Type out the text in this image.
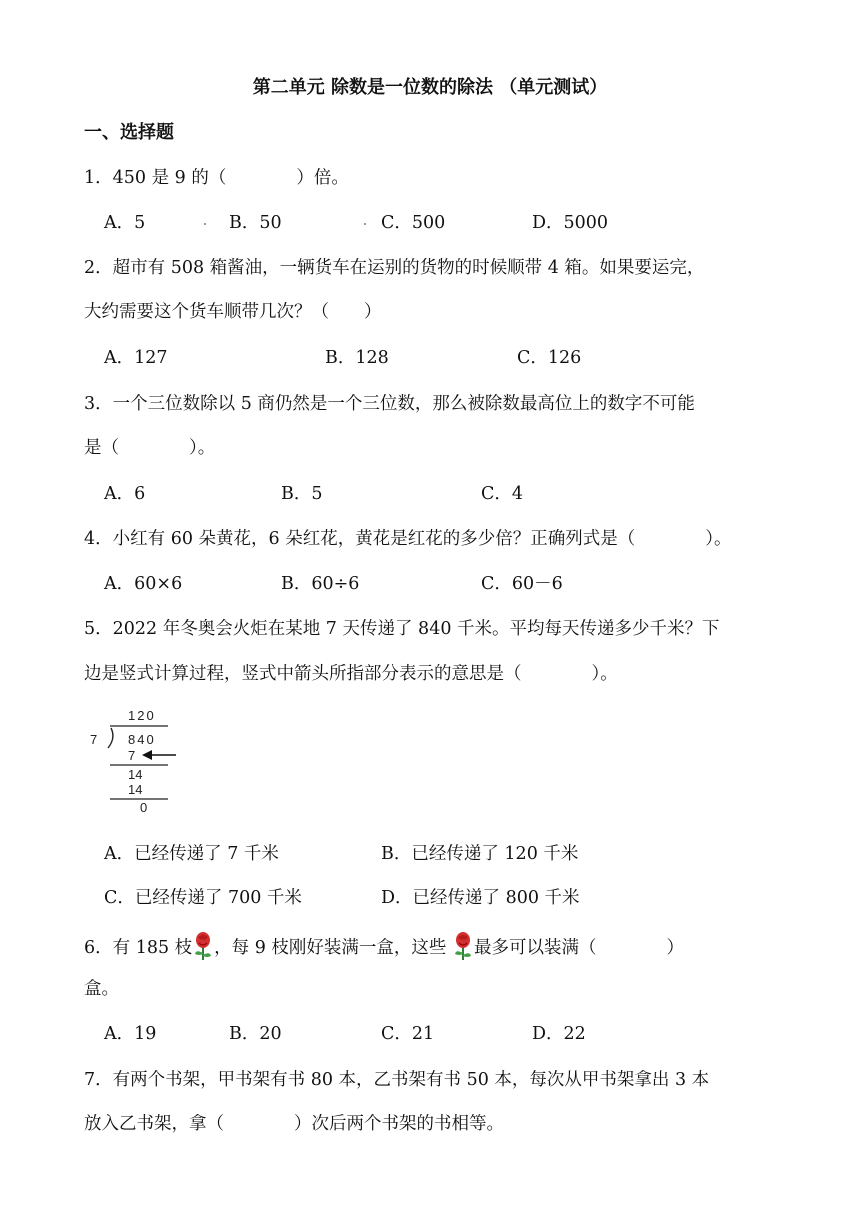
第二单元 除数是一位数的除法 （单元测试）
一、选择题
1．450 是 9 的（　　　　）倍。
A．5	B．50	C．500	D．5000
2．超市有 508 箱酱油，一辆货车在运别的货物的时候顺带 4 箱。如果要运完，
大约需要这个货车顺带几次？（　　）
A．127	B．128	C．126
3．一个三位数除以 5 商仍然是一个三位数，那么被除数最高位上的数字不可能
是（　　　　）。
A．6	B．5	C．4
4．小红有 60 朵黄花，6 朵红花，黄花是红花的多少倍？正确列式是（　　　　）。
A．60×6	B．60÷6	C．60－6
5．2022 年冬奥会火炬在某地 7 天传递了 840 千米。平均每天传递多少千米？下
边是竖式计算过程，竖式中箭头所指部分表示的意思是（　　　　）。
120
7 840
7
14
14
0
A．已经传递了 7 千米	B．已经传递了 120 千米
C．已经传递了 700 千米	D．已经传递了 800 千米
6．有 185 枝 ，每 9 枝刚好装满一盒，这些 最多可以装满（　　　　）
盒。
A．19	B．20	C．21	D．22
7．有两个书架，甲书架有书 80 本，乙书架有书 50 本，每次从甲书架拿出 3 本
放入乙书架，拿（　　　　）次后两个书架的书相等。
